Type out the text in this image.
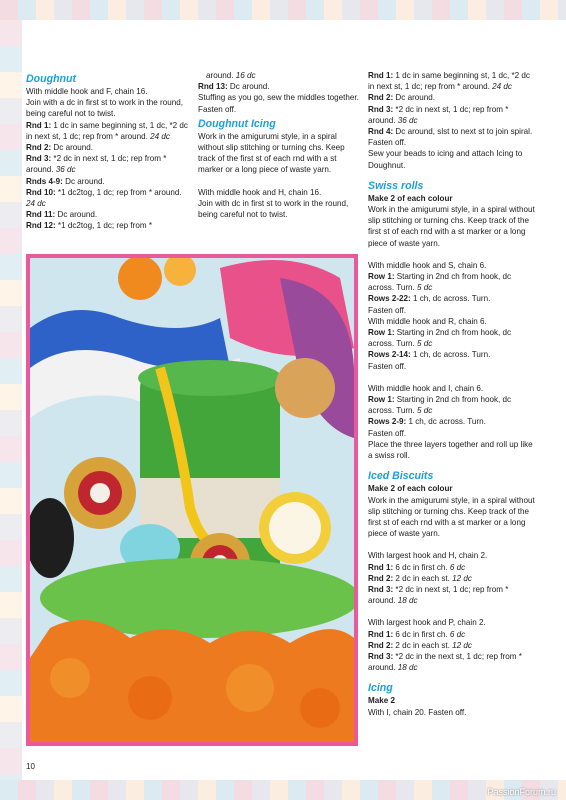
Doughnut

With middle hook and F, chain 16.

Join with a dc in first st to work in the round, being careful not to twist.

Rnd 1: 1 dc in same beginning st, 1 dc, *2 dc in next st, 1 dc; rep from * around. 24 dc

Rnd 2: Dc around.

Rnd 3: *2 dc in next st, 1 dc; rep from * around. 36 dc

Rnds 4-9: Dc around.

Rnd 10: *1 dc2tog, 1 dc; rep from * around. 24 dc

Rnd 11: Dc around.

Rnd 12: *1 dc2tog, 1 dc; rep from *

around. 16 dc

Rnd 13: Dc around.

Stuffing as you go, sew the middles together.

Fasten off.

Doughnut Icing

Work in the amigurumi style, in a spiral without slip stitching or turning chs. Keep track of the first st of each rnd with a st marker or a long piece of waste yarn.

With middle hook and H, chain 16.

Join with dc in first st to work in the round, being careful not to twist.

Rnd 1: 1 dc in same beginning st, 1 dc, *2 dc in next st, 1 dc; rep from * around. 24 dc

Rnd 2: Dc around.

Rnd 3: *2 dc in next st, 1 dc; rep from * around. 36 dc

Rnd 4: Dc around, slst to next st to join spiral. Fasten off.

Sew your beads to icing and attach Icing to Doughnut.

Swiss rolls
Make 2 of each colour

Work in the amigurumi style, in a spiral without slip stitching or turning chs. Keep track of the first st of each rnd with a st marker or a long piece of waste yarn.

With middle hook and S, chain 6.

Row 1: Starting in 2nd ch from hook, dc across. Turn. 5 dc

Rows 2-22: 1 ch, dc across. Turn.

Fasten off.

With middle hook and R, chain 6.

Row 1: Starting in 2nd ch from hook, dc across. Turn. 5 dc

Rows 2-14: 1 ch, dc across. Turn.

Fasten off.

With middle hook and I, chain 6.

Row 1: Starting in 2nd ch from hook, dc across. Turn. 5 dc

Rows 2-9: 1 ch, dc across. Turn.

Fasten off.

Place the three layers together and roll up like a swiss roll.

Iced Biscuits
Make 2 of each colour

Work in the amigurumi style, in a spiral without slip stitching or turning chs. Keep track of the first st of each rnd with a st marker or a long piece of waste yarn.

With largest hook and H, chain 2.

Rnd 1: 6 dc in first ch. 6 dc

Rnd 2: 2 dc in each st. 12 dc

Rnd 3: *2 dc in next st, 1 dc; rep from * around. 18 dc

With largest hook and P, chain 2.

Rnd 1: 6 dc in first ch. 6 dc

Rnd 2: 2 dc in each st. 12 dc

Rnd 3: *2 dc in the next st, 1 dc; rep from * around. 18 dc

Icing
Make 2

With I, chain 20. Fasten off.

10
PassionForum.ru
